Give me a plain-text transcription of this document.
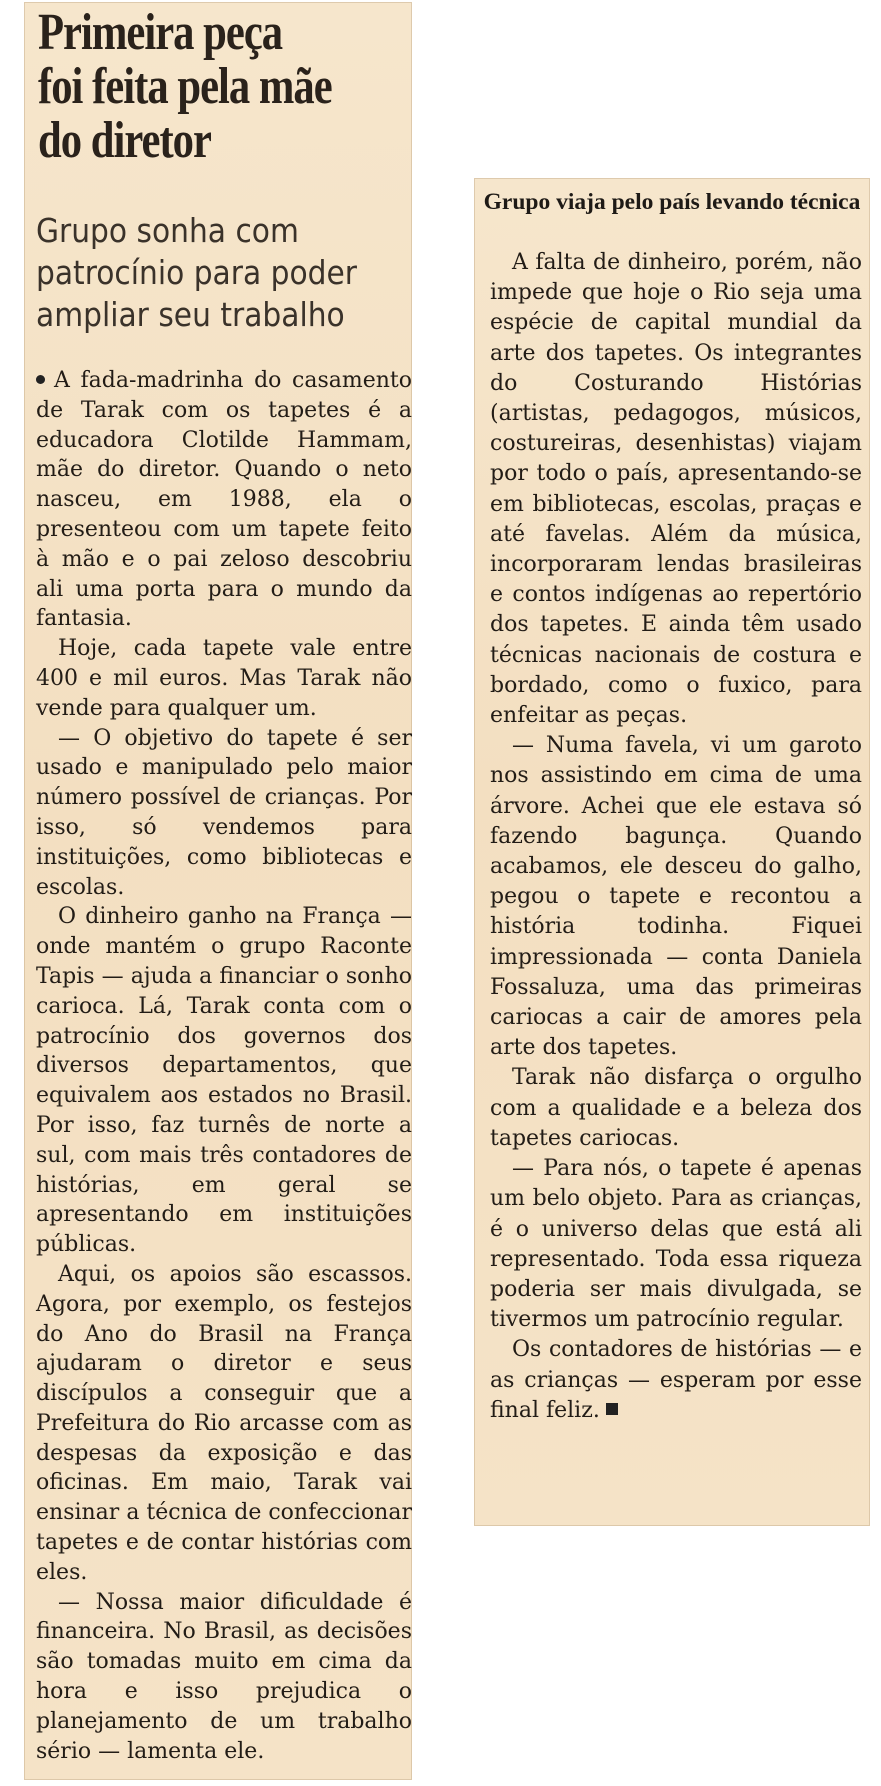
Primeira peça foi feita pela mãe do diretor
Grupo sonha com patrocínio para poder ampliar seu trabalho

A fada-madrinha do casamento de Tarak com os tapetes é a educadora Clotilde Hammam, mãe do diretor. Quando o neto nasceu, em 1988, ela o presenteou com um tapete feito à mão e o pai zeloso descobriu ali uma porta para o mundo da fantasia.

Hoje, cada tapete vale entre 400 e mil euros. Mas Tarak não vende para qualquer um.

— O objetivo do tapete é ser usado e manipulado pelo maior número possível de crianças. Por isso, só vendemos para instituições, como bibliotecas e escolas.

O dinheiro ganho na França — onde mantém o grupo Raconte Tapis — ajuda a financiar o sonho carioca. Lá, Tarak conta com o patrocínio dos governos dos diversos departamentos, que equivalem aos estados no Brasil. Por isso, faz turnês de norte a sul, com mais três contadores de histórias, em geral se apresentando em instituições públicas.

Aqui, os apoios são escassos. Agora, por exemplo, os festejos do Ano do Brasil na França ajudaram o diretor e seus discípulos a conseguir que a Prefeitura do Rio arcasse com as despesas da exposição e das oficinas. Em maio, Tarak vai ensinar a técnica de confeccionar tapetes e de contar histórias com eles.

— Nossa maior dificuldade é financeira. No Brasil, as decisões são tomadas muito em cima da hora e isso prejudica o planejamento de um trabalho sério — lamenta ele.

Grupo viaja pelo país levando técnica

A falta de dinheiro, porém, não impede que hoje o Rio seja uma espécie de capital mundial da arte dos tapetes. Os integrantes do Costurando Histórias (artistas, pedagogos, músicos, costureiras, desenhistas) viajam por todo o país, apresentando-se em bibliotecas, escolas, praças e até favelas. Além da música, incorporaram lendas brasileiras e contos indígenas ao repertório dos tapetes. E ainda têm usado técnicas nacionais de costura e bordado, como o fuxico, para enfeitar as peças.

— Numa favela, vi um garoto nos assistindo em cima de uma árvore. Achei que ele estava só fazendo bagunça. Quando acabamos, ele desceu do galho, pegou o tapete e recontou a história todinha. Fiquei impressionada — conta Daniela Fossaluza, uma das primeiras cariocas a cair de amores pela arte dos tapetes.

Tarak não disfarça o orgulho com a qualidade e a beleza dos tapetes cariocas.

— Para nós, o tapete é apenas um belo objeto. Para as crianças, é o universo delas que está ali representado. Toda essa riqueza poderia ser mais divulgada, se tivermos um patrocínio regular.

Os contadores de histórias — e as crianças — esperam por esse final feliz.
